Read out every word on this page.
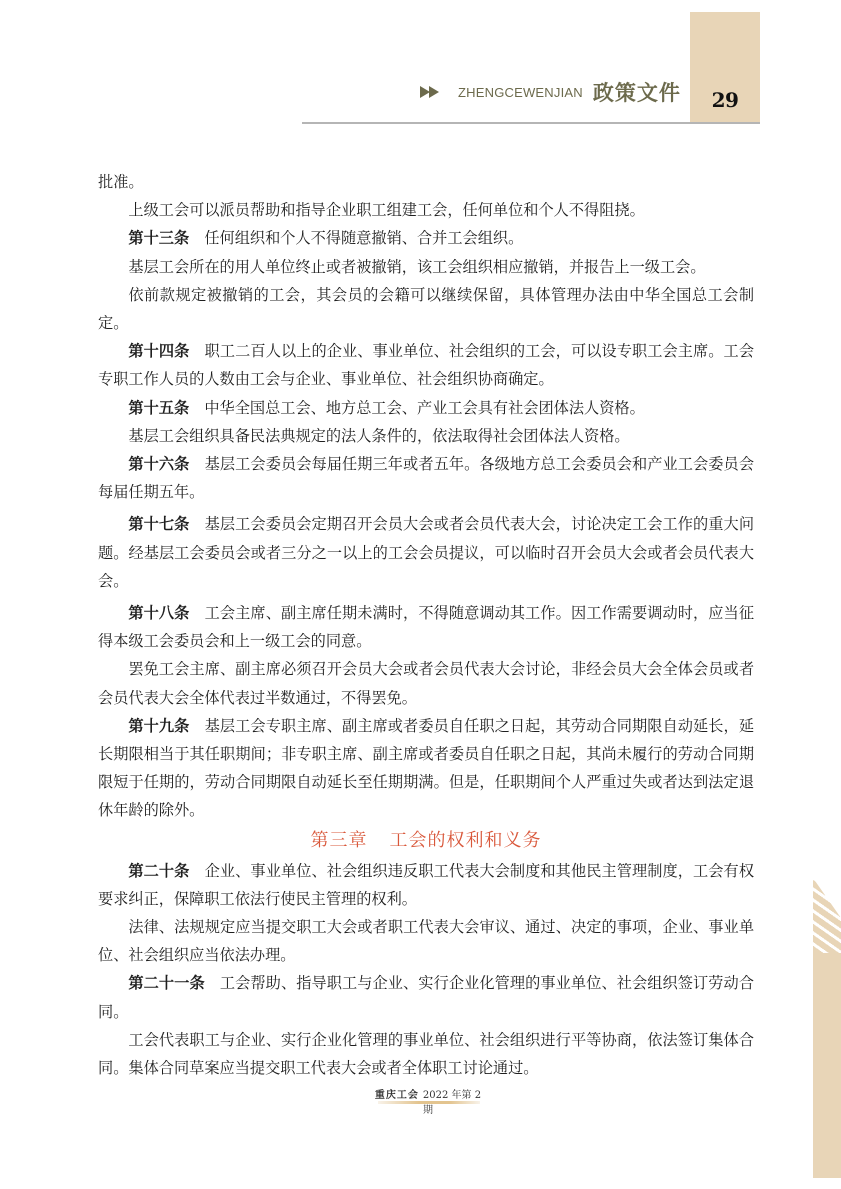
29
ZHENGCEWENJIAN 政策文件

批准。

上级工会可以派员帮助和指导企业职工组建工会，任何单位和个人不得阻挠。

第十三条 任何组织和个人不得随意撤销、合并工会组织。

基层工会所在的用人单位终止或者被撤销，该工会组织相应撤销，并报告上一级工会。

依前款规定被撤销的工会，其会员的会籍可以继续保留，具体管理办法由中华全国总工会制定。

第十四条 职工二百人以上的企业、事业单位、社会组织的工会，可以设专职工会主席。工会专职工作人员的人数由工会与企业、事业单位、社会组织协商确定。

第十五条 中华全国总工会、地方总工会、产业工会具有社会团体法人资格。

基层工会组织具备民法典规定的法人条件的，依法取得社会团体法人资格。

第十六条 基层工会委员会每届任期三年或者五年。各级地方总工会委员会和产业工会委员会每届任期五年。

第十七条 基层工会委员会定期召开会员大会或者会员代表大会，讨论决定工会工作的重大问题。经基层工会委员会或者三分之一以上的工会会员提议，可以临时召开会员大会或者会员代表大会。

第十八条 工会主席、副主席任期未满时，不得随意调动其工作。因工作需要调动时，应当征得本级工会委员会和上一级工会的同意。

罢免工会主席、副主席必须召开会员大会或者会员代表大会讨论，非经会员大会全体会员或者会员代表大会全体代表过半数通过，不得罢免。

第十九条 基层工会专职主席、副主席或者委员自任职之日起，其劳动合同期限自动延长，延长期限相当于其任职期间；非专职主席、副主席或者委员自任职之日起，其尚未履行的劳动合同期限短于任期的，劳动合同期限自动延长至任期期满。但是，任职期间个人严重过失或者达到法定退休年龄的除外。

第三章 工会的权利和义务

第二十条 企业、事业单位、社会组织违反职工代表大会制度和其他民主管理制度，工会有权要求纠正，保障职工依法行使民主管理的权利。

法律、法规规定应当提交职工大会或者职工代表大会审议、通过、决定的事项，企业、事业单位、社会组织应当依法办理。

第二十一条 工会帮助、指导职工与企业、实行企业化管理的事业单位、社会组织签订劳动合同。

工会代表职工与企业、实行企业化管理的事业单位、社会组织进行平等协商，依法签订集体合同。集体合同草案应当提交职工代表大会或者全体职工讨论通过。

重庆工会 2022 年第 2 期
